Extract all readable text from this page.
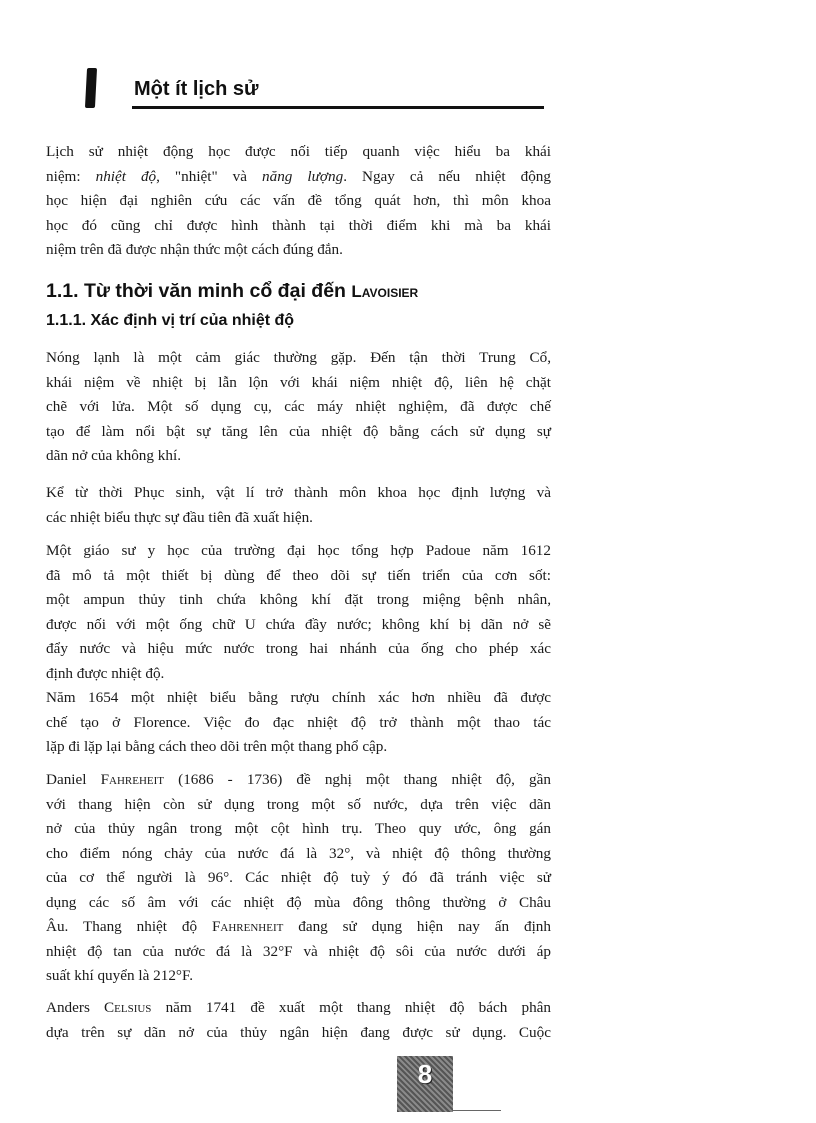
Một ít lịch sử
Lịch sử nhiệt động học được nối tiếp quanh việc hiểu ba khái
niệm: nhiệt độ, "nhiệt" và năng lượng. Ngay cả nếu nhiệt động
học hiện đại nghiên cứu các vấn đề tổng quát hơn, thì môn khoa
học đó cũng chỉ được hình thành tại thời điểm khi mà ba khái
niệm trên đã được nhận thức một cách đúng đắn.
1.1. Từ thời văn minh cổ đại đến Lavoisier
1.1.1. Xác định vị trí của nhiệt độ
Nóng lạnh là một cảm giác thường gặp. Đến tận thời Trung Cổ,
khái niệm về nhiệt bị lẫn lộn với khái niệm nhiệt độ, liên hệ chặt
chẽ với lửa. Một số dụng cụ, các máy nhiệt nghiệm, đã được chế
tạo để làm nổi bật sự tăng lên của nhiệt độ bằng cách sử dụng sự
dãn nở của không khí.
Kể từ thời Phục sinh, vật lí trở thành môn khoa học định lượng và
các nhiệt biểu thực sự đầu tiên đã xuất hiện.
Một giáo sư y học của trường đại học tổng hợp Padoue năm 1612
đã mô tả một thiết bị dùng để theo dõi sự tiến triển của cơn sốt:
một ampun thủy tinh chứa không khí đặt trong miệng bệnh nhân,
được nối với một ống chữ U chứa đầy nước; không khí bị dãn nở sẽ
đẩy nước và hiệu mức nước trong hai nhánh của ống cho phép xác
định được nhiệt độ.
Năm 1654 một nhiệt biểu bằng rượu chính xác hơn nhiều đã được
chế tạo ở Florence. Việc đo đạc nhiệt độ trở thành một thao tác
lặp đi lặp lại bằng cách theo dõi trên một thang phổ cập.
Daniel Fahreheit (1686 - 1736) đề nghị một thang nhiệt độ, gần
với thang hiện còn sử dụng trong một số nước, dựa trên việc dãn
nở của thủy ngân trong một cột hình trụ. Theo quy ước, ông gán
cho điểm nóng chảy của nước đá là 32°, và nhiệt độ thông thường
của cơ thể người là 96°. Các nhiệt độ tuỳ ý đó đã tránh việc sử
dụng các số âm với các nhiệt độ mùa đông thông thường ở Châu
Âu. Thang nhiệt độ Fahrenheit đang sử dụng hiện nay ấn định
nhiệt độ tan của nước đá là 32°F và nhiệt độ sôi của nước dưới áp
suất khí quyển là 212°F.
Anders Celsius năm 1741 đề xuất một thang nhiệt độ bách phân
dựa trên sự dãn nở của thủy ngân hiện đang được sử dụng. Cuộc
8
